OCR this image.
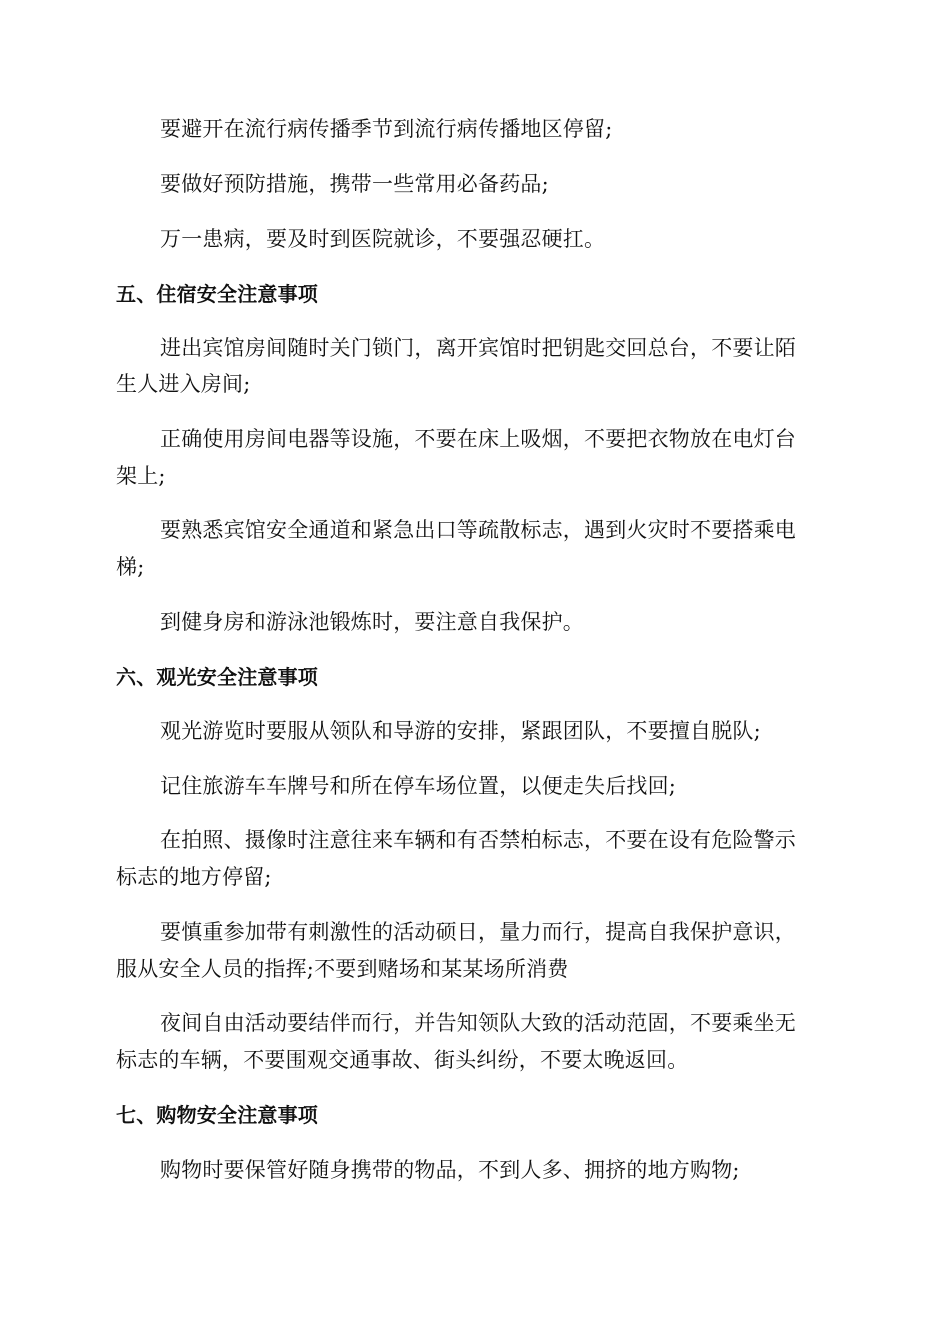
要避开在流行病传播季节到流行病传播地区停留;
要做好预防措施，携带一些常用必备药品;
万一患病，要及时到医院就诊，不要强忍硬扛。
五、住宿安全注意事项
进出宾馆房间随时关门锁门，离开宾馆时把钥匙交回总台，不要让陌
生人进入房间;
正确使用房间电器等设施，不要在床上吸烟，不要把衣物放在电灯台
架上;
要熟悉宾馆安全通道和紧急出口等疏散标志，遇到火灾时不要搭乘电
梯;
到健身房和游泳池锻炼时，要注意自我保护。
六、观光安全注意事项
观光游览时要服从领队和导游的安排，紧跟团队，不要擅自脱队;
记住旅游车车牌号和所在停车场位置，以便走失后找回;
在拍照、摄像时注意往来车辆和有否禁柏标志，不要在设有危险警示
标志的地方停留;
要慎重参加带有刺激性的活动硕日，量力而行，提高自我保护意识，
服从安全人员的指挥;不要到赌场和某某场所消费
夜间自由活动要结伴而行，并告知领队大致的活动范固，不要乘坐无
标志的车辆，不要围观交通事故、街头纠纷，不要太晚返回。
七、购物安全注意事项
购物时要保管好随身携带的物品，不到人多、拥挤的地方购物;
